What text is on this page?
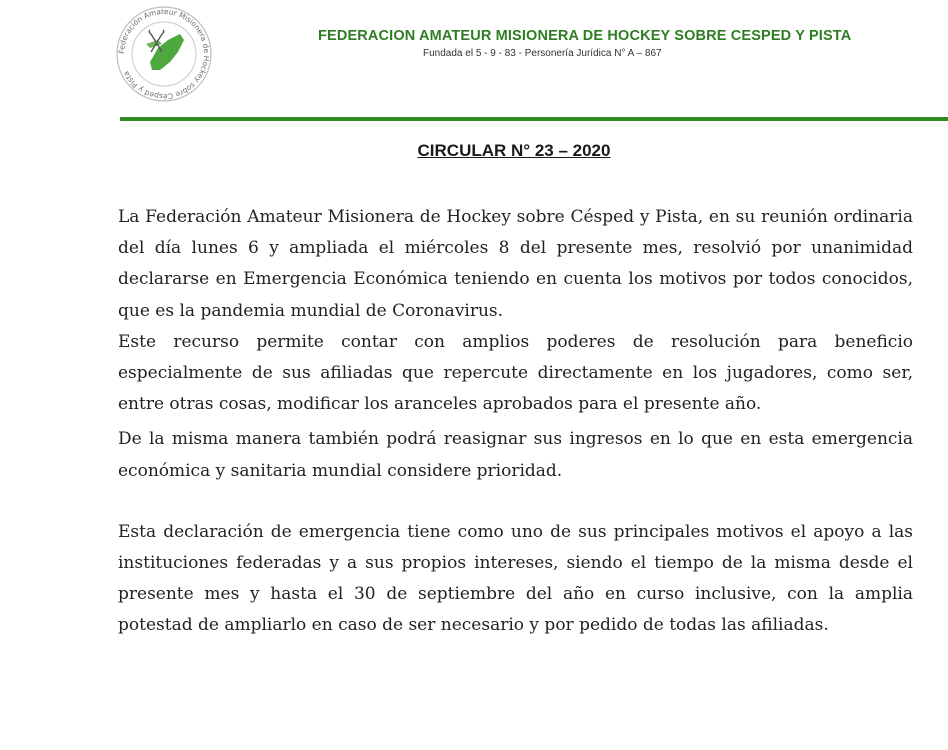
Federación Amateur Misionera de Hockey sobre Césped y Pista
FEDERACION AMATEUR MISIONERA DE HOCKEY SOBRE CESPED Y PISTA

Fundada el 5 - 9 - 83 - Personería Jurídica N° A – 867

CIRCULAR N° 23 – 2020

La Federación Amateur Misionera de Hockey sobre Césped y Pista, en su reunión ordinaria del día lunes 6 y ampliada el miércoles 8 del presente mes, resolvió por unanimidad declararse en Emergencia Económica teniendo en cuenta los motivos por todos conocidos, que es la pandemia mundial de Coronavirus.

Este recurso permite contar con amplios poderes de resolución para beneficio especialmente de sus afiliadas que repercute directamente en los jugadores, como ser, entre otras cosas, modificar los aranceles aprobados para el presente año.

De la misma manera también podrá reasignar sus ingresos en lo que en esta emergencia económica y sanitaria mundial considere prioridad.

Esta declaración de emergencia tiene como uno de sus principales motivos el apoyo a las instituciones federadas y a sus propios intereses, siendo el tiempo de la misma desde el presente mes y hasta el 30 de septiembre del año en curso inclusive, con la amplia potestad de ampliarlo en caso de ser necesario y por pedido de todas las afiliadas.
